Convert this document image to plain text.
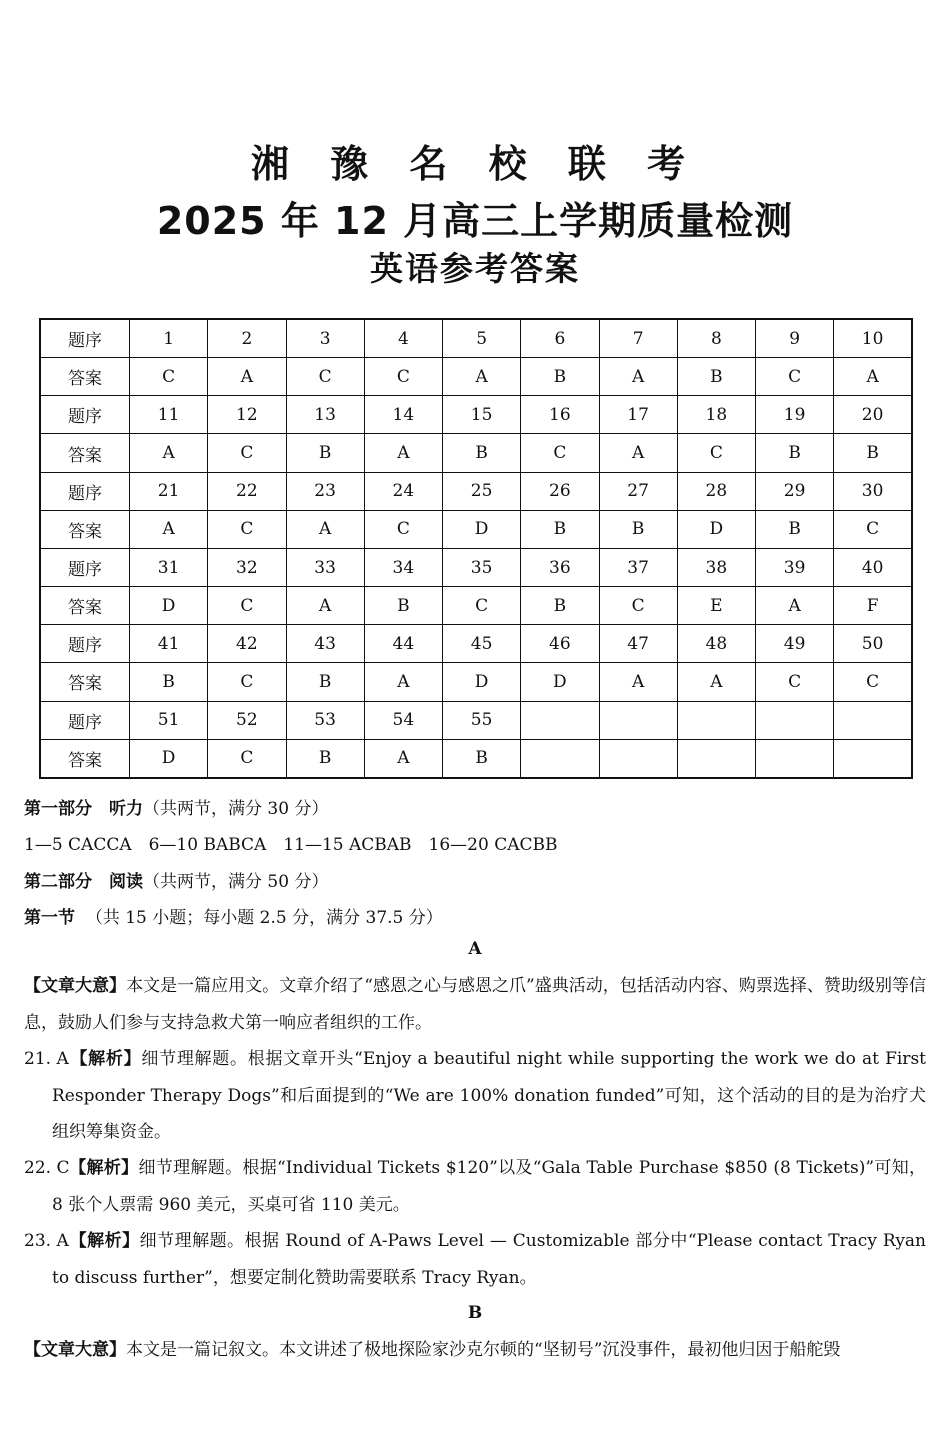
湘 豫 名 校 联 考
2025 年 12 月高三上学期质量检测
英语参考答案
题序	1	2	3	4	5	6	7	8	9	10
答案	C	A	C	C	A	B	A	B	C	A
题序	11	12	13	14	15	16	17	18	19	20
答案	A	C	B	A	B	C	A	C	B	B
题序	21	22	23	24	25	26	27	28	29	30
答案	A	C	A	C	D	B	B	D	B	C
题序	31	32	33	34	35	36	37	38	39	40
答案	D	C	A	B	C	B	C	E	A	F
题序	41	42	43	44	45	46	47	48	49	50
答案	B	C	B	A	D	D	A	A	C	C
题序	51	52	53	54	55					
答案	D	C	B	A	B					
第一部分　听力（共两节，满分 30 分）
1—5 CACCA　6—10 BABCA　11—15 ACBAB　16—20 CACBB
第二部分　阅读（共两节，满分 50 分）
第一节 （共 15 小题；每小题 2.5 分，满分 37.5 分）
A
【文章大意】本文是一篇应用文。文章介绍了“感恩之心与感恩之爪”盛典活动，包括活动内容、购票选择、赞助级别等信息，鼓励人们参与支持急救犬第一响应者组织的工作。
21. A 【解析】细节理解题。根据文章开头“Enjoy a beautiful night while supporting the work we do at First Responder Therapy Dogs”和后面提到的“We are 100% donation funded”可知，这个活动的目的是为治疗犬组织筹集资金。
22. C 【解析】细节理解题。根据“Individual Tickets $120”以及“Gala Table Purchase $850 (8 Tickets)”可知，8 张个人票需 960 美元，买桌可省 110 美元。
23. A 【解析】细节理解题。根据 Round of A-Paws Level — Customizable 部分中“Please contact Tracy Ryan to discuss further”，想要定制化赞助需要联系 Tracy Ryan。
B
【文章大意】本文是一篇记叙文。本文讲述了极地探险家沙克尔顿的“坚韧号”沉没事件，最初他归因于船舵毁
